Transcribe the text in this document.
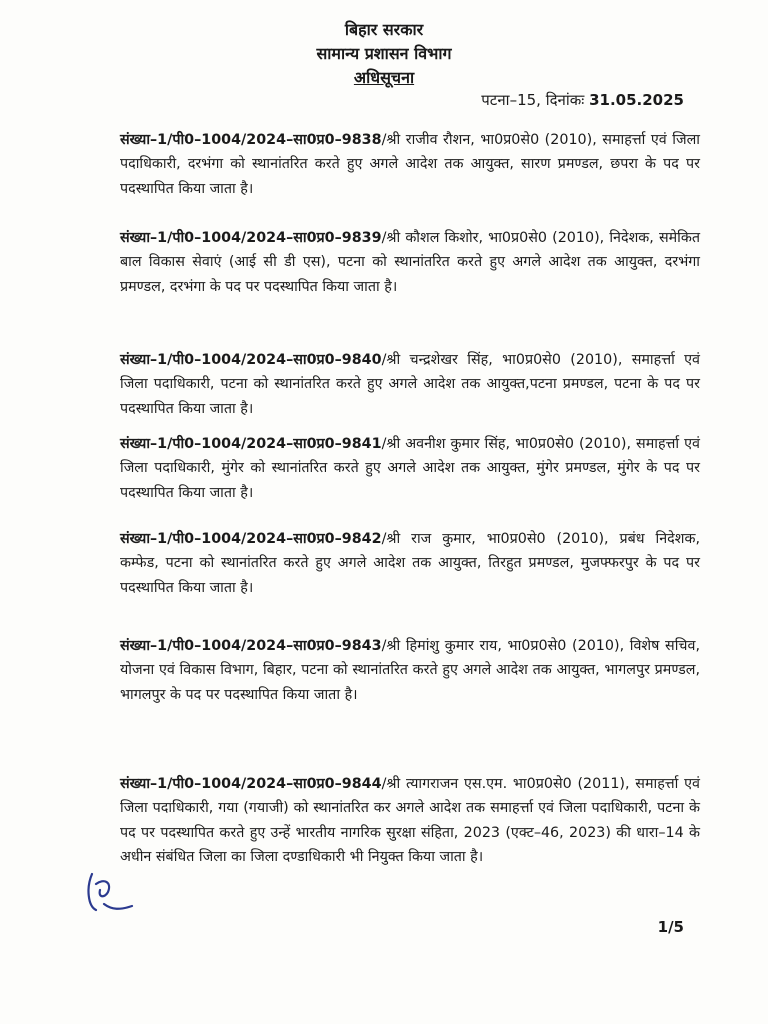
बिहार सरकार
सामान्य प्रशासन विभाग
अधिसूचना
पटना–15, दिनांकः 31.05.2025
संख्या–1/पी0–1004/2024–सा0प्र0–9838/श्री राजीव रौशन, भा0प्र0से0 (2010), समाहर्त्ता एवं जिला पदाधिकारी, दरभंगा को स्थानांतरित करते हुए अगले आदेश तक आयुक्त, सारण प्रमण्डल, छपरा के पद पर पदस्थापित किया जाता है।
संख्या–1/पी0–1004/2024–सा0प्र0–9839/श्री कौशल किशोर, भा0प्र0से0 (2010), निदेशक, समेकित बाल विकास सेवाएं (आई सी डी एस), पटना को स्थानांतरित करते हुए अगले आदेश तक आयुक्त, दरभंगा प्रमण्डल, दरभंगा के पद पर पदस्थापित किया जाता है।
संख्या–1/पी0–1004/2024–सा0प्र0–9840/श्री चन्द्रशेखर सिंह, भा0प्र0से0 (2010), समाहर्त्ता एवं जिला पदाधिकारी, पटना को स्थानांतरित करते हुए अगले आदेश तक आयुक्त,पटना प्रमण्डल, पटना के पद पर पदस्थापित किया जाता है।
संख्या–1/पी0–1004/2024–सा0प्र0–9841/श्री अवनीश कुमार सिंह, भा0प्र0से0 (2010), समाहर्त्ता एवं जिला पदाधिकारी, मुंगेर को स्थानांतरित करते हुए अगले आदेश तक आयुक्त, मुंगेर प्रमण्डल, मुंगेर के पद पर पदस्थापित किया जाता है।
संख्या–1/पी0–1004/2024–सा0प्र0–9842/श्री राज कुमार, भा0प्र0से0 (2010), प्रबंध निदेशक, कम्फेड, पटना को स्थानांतरित करते हुए अगले आदेश तक आयुक्त, तिरहुत प्रमण्डल, मुजफ्फरपुर के पद पर पदस्थापित किया जाता है।
संख्या–1/पी0–1004/2024–सा0प्र0–9843/श्री हिमांशु कुमार राय, भा0प्र0से0 (2010), विशेष सचिव, योजना एवं विकास विभाग, बिहार, पटना को स्थानांतरित करते हुए अगले आदेश तक आयुक्त, भागलपुर प्रमण्डल, भागलपुर के पद पर पदस्थापित किया जाता है।
संख्या–1/पी0–1004/2024–सा0प्र0–9844/श्री त्यागराजन एस.एम. भा0प्र0से0 (2011), समाहर्त्ता एवं जिला पदाधिकारी, गया (गयाजी) को स्थानांतरित कर अगले आदेश तक समाहर्त्ता एवं जिला पदाधिकारी, पटना के पद पर पदस्थापित करते हुए उन्हें भारतीय नागरिक सुरक्षा संहिता, 2023 (एक्ट–46, 2023) की धारा–14 के अधीन संबंधित जिला का जिला दण्डाधिकारी भी नियुक्त किया जाता है।
1/5
